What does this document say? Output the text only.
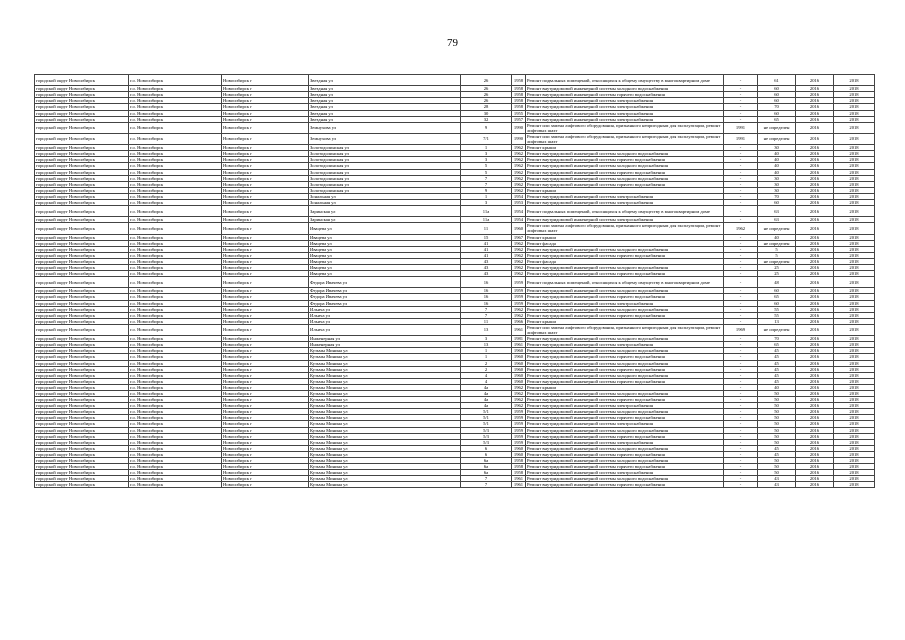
79
городской округ Новосибирск	г.о. Новосибирск	Новосибирск г	Звездная ул	26	1958	Ремонт подвальных помещений, относящихся к общему имуществу в многоквартирном доме	-	61	2016	2018
городской округ Новосибирск	г.о. Новосибирск	Новосибирск г	Звездная ул	26	1958	Ремонт внутридомовой инженерной системы холодного водоснабжения	-	60	2016	2018
городской округ Новосибирск	г.о. Новосибирск	Новосибирск г	Звездная ул	26	1958	Ремонт внутридомовой инженерной системы горячего водоснабжения	-	60	2016	2018
городской округ Новосибирск	г.о. Новосибирск	Новосибирск г	Звездная ул	26	1958	Ремонт внутридомовой инженерной системы электроснабжения	-	60	2016	2018
городской округ Новосибирск	г.о. Новосибирск	Новосибирск г	Звездная ул	28	1958	Ремонт внутридомовой инженерной системы электроснабжения	-	70	2016	2018
городской округ Новосибирск	г.о. Новосибирск	Новосибирск г	Звездная ул	30	1955	Ремонт внутридомовой инженерной системы электроснабжения	-	60	2016	2018
городской округ Новосибирск	г.о. Новосибирск	Новосибирск г	Звездная ул	32	1957	Ремонт внутридомовой инженерной системы электроснабжения	-	65	2016	2018
городской округ Новосибирск	г.о. Новосибирск	Новосибирск г	Земнухова ул	9	1990	Ремонт или замена лифтового оборудования, признанного непригодным для эксплуатации, ремонт лифтовых шахт	1991	не определен	2016	2018
городской округ Новосибирск	г.о. Новосибирск	Новосибирск г	Земнухова ул	7/1	1990	Ремонт или замена лифтового оборудования, признанного непригодным для эксплуатации, ремонт лифтовых шахт	1991	не определен	2016	2018
городской округ Новосибирск	г.о. Новосибирск	Новосибирск г	Золотодолинская ул	1	1962	Ремонт крыши	-	30	2016	2018
городской округ Новосибирск	г.о. Новосибирск	Новосибирск г	Золотодолинская ул	3	1962	Ремонт внутридомовой инженерной системы холодного водоснабжения	-	40	2016	2018
городской округ Новосибирск	г.о. Новосибирск	Новосибирск г	Золотодолинская ул	3	1962	Ремонт внутридомовой инженерной системы горячего водоснабжения	-	40	2016	2018
городской округ Новосибирск	г.о. Новосибирск	Новосибирск г	Золотодолинская ул	5	1962	Ремонт внутридомовой инженерной системы холодного водоснабжения	-	40	2016	2018
городской округ Новосибирск	г.о. Новосибирск	Новосибирск г	Золотодолинская ул	5	1962	Ремонт внутридомовой инженерной системы горячего водоснабжения	-	40	2016	2018
городской округ Новосибирск	г.о. Новосибирск	Новосибирск г	Золотодолинская ул	7	1962	Ремонт внутридомовой инженерной системы холодного водоснабжения	-	30	2016	2018
городской округ Новосибирск	г.о. Новосибирск	Новосибирск г	Золотодолинская ул	7	1962	Ремонт внутридомовой инженерной системы горячего водоснабжения	-	30	2016	2018
городской округ Новосибирск	г.о. Новосибирск	Новосибирск г	Золотодолинская ул	9	1962	Ремонт крыши	-	30	2016	2018
городской округ Новосибирск	г.о. Новосибирск	Новосибирск г	Зональная ул	1	1954	Ремонт внутридомовой инженерной системы электроснабжения	-	70	2016	2018
городской округ Новосибирск	г.о. Новосибирск	Новосибирск г	Зональная ул	3	1953	Ремонт внутридомовой инженерной системы электроснабжения	-	60	2016	2018
городской округ Новосибирск	г.о. Новосибирск	Новосибирск г	Заринская ул	11а	1954	Ремонт подвальных помещений, относящихся к общему имуществу в многоквартирном доме	-	63	2016	2018
городской округ Новосибирск	г.о. Новосибирск	Новосибирск г	Заринская ул	11а	1954	Ремонт внутридомовой инженерной системы электроснабжения	-	63	2016	2018
городской округ Новосибирск	г.о. Новосибирск	Новосибирск г	Ивацева ул	11	1960	Ремонт или замена лифтового оборудования, признанного непригодным для эксплуатации, ремонт лифтовых шахт	1962	не определен	2016	2018
городской округ Новосибирск	г.о. Новосибирск	Новосибирск г	Ивацева ул	15	1967	Ремонт крыши	-	40	2016	2018
городской округ Новосибирск	г.о. Новосибирск	Новосибирск г	Ивацева ул	41	1962	Ремонт фасада	-	не определен	2016	2018
городской округ Новосибирск	г.о. Новосибирск	Новосибирск г	Ивацева ул	41	1962	Ремонт внутридомовой инженерной системы холодного водоснабжения	-	5	2016	2018
городской округ Новосибирск	г.о. Новосибирск	Новосибирск г	Ивацева ул	41	1962	Ремонт внутридомовой инженерной системы горячего водоснабжения	-	5	2016	2018
городской округ Новосибирск	г.о. Новосибирск	Новосибирск г	Ивацева ул	43	1962	Ремонт фасада	-	не определен	2016	2018
городской округ Новосибирск	г.о. Новосибирск	Новосибирск г	Ивацева ул	43	1962	Ремонт внутридомовой инженерной системы холодного водоснабжения	-	25	2016	2018
городской округ Новосибирск	г.о. Новосибирск	Новосибирск г	Ивацева ул	43	1962	Ремонт внутридомовой инженерной системы горячего водоснабжения	-	25	2016	2018
городской округ Новосибирск	г.о. Новосибирск	Новосибирск г	Федора Ивачева ул	16	1959	Ремонт подвальных помещений, относящихся к общему имуществу в многоквартирном доме	-	48	2016	2018
городской округ Новосибирск	г.о. Новосибирск	Новосибирск г	Федора Ивачева ул	16	1959	Ремонт внутридомовой инженерной системы холодного водоснабжения	-	60	2016	2018
городской округ Новосибирск	г.о. Новосибирск	Новосибирск г	Федора Ивачева ул	16	1959	Ремонт внутридомовой инженерной системы горячего водоснабжения	-	65	2016	2018
городской округ Новосибирск	г.о. Новосибирск	Новосибирск г	Федора Ивачева ул	16	1959	Ремонт внутридомовой инженерной системы электроснабжения	-	60	2016	2018
городской округ Новосибирск	г.о. Новосибирск	Новосибирск г	Ильича ул	7	1962	Ремонт внутридомовой инженерной системы холодного водоснабжения	-	55	2016	2018
городской округ Новосибирск	г.о. Новосибирск	Новосибирск г	Ильича ул	7	1962	Ремонт внутридомовой инженерной системы горячего водоснабжения	-	55	2016	2018
городской округ Новосибирск	г.о. Новосибирск	Новосибирск г	Ильича ул	11	1966	Ремонт крыши	-	13	2016	2018
городской округ Новосибирск	г.о. Новосибирск	Новосибирск г	Ильича ул	13	1961	Ремонт или замена лифтового оборудования, признанного непригодным для эксплуатации, ремонт лифтовых шахт	1969	не определен	2016	2018
городской округ Новосибирск	г.о. Новосибирск	Новосибирск г	Инженерная ул	3	1981	Ремонт внутридомовой инженерной системы холодного водоснабжения	-	70	2016	2018
городской округ Новосибирск	г.о. Новосибирск	Новосибирск г	Инженерная ул	13	1961	Ремонт внутридомовой инженерной системы электроснабжения	-	65	2016	2018
городской округ Новосибирск	г.о. Новосибирск	Новосибирск г	Кузьмы Минина ул	1	1960	Ремонт внутридомовой инженерной системы холодного водоснабжения	-	45	2016	2018
городской округ Новосибирск	г.о. Новосибирск	Новосибирск г	Кузьмы Минина ул	1	1960	Ремонт внутридомовой инженерной системы горячего водоснабжения	-	45	2016	2018
городской округ Новосибирск	г.о. Новосибирск	Новосибирск г	Кузьмы Минина ул	2	1960	Ремонт внутридомовой инженерной системы холодного водоснабжения	-	45	2016	2018
городской округ Новосибирск	г.о. Новосибирск	Новосибирск г	Кузьмы Минина ул	2	1960	Ремонт внутридомовой инженерной системы горячего водоснабжения	-	45	2016	2018
городской округ Новосибирск	г.о. Новосибирск	Новосибирск г	Кузьмы Минина ул	4	1960	Ремонт внутридомовой инженерной системы холодного водоснабжения	-	45	2016	2018
городской округ Новосибирск	г.о. Новосибирск	Новосибирск г	Кузьмы Минина ул	4	1960	Ремонт внутридомовой инженерной системы горячего водоснабжения	-	45	2016	2018
городской округ Новосибирск	г.о. Новосибирск	Новосибирск г	Кузьмы Минина ул	4а	1962	Ремонт крыши	-	40	2016	2018
городской округ Новосибирск	г.о. Новосибирск	Новосибирск г	Кузьмы Минина ул	4а	1962	Ремонт внутридомовой инженерной системы холодного водоснабжения	-	50	2016	2018
городской округ Новосибирск	г.о. Новосибирск	Новосибирск г	Кузьмы Минина ул	4а	1962	Ремонт внутридомовой инженерной системы горячего водоснабжения	-	50	2016	2018
городской округ Новосибирск	г.о. Новосибирск	Новосибирск г	Кузьмы Минина ул	4а	1962	Ремонт внутридомовой инженерной системы электроснабжения	-	50	2016	2018
городской округ Новосибирск	г.о. Новосибирск	Новосибирск г	Кузьмы Минина ул	5/1	1959	Ремонт внутридомовой инженерной системы холодного водоснабжения	-	50	2016	2018
городской округ Новосибирск	г.о. Новосибирск	Новосибирск г	Кузьмы Минина ул	5/1	1959	Ремонт внутридомовой инженерной системы горячего водоснабжения	-	50	2016	2018
городской округ Новосибирск	г.о. Новосибирск	Новосибирск г	Кузьмы Минина ул	5/1	1959	Ремонт внутридомовой инженерной системы электроснабжения	-	50	2016	2018
городской округ Новосибирск	г.о. Новосибирск	Новосибирск г	Кузьмы Минина ул	5/3	1959	Ремонт внутридомовой инженерной системы холодного водоснабжения	-	50	2016	2018
городской округ Новосибирск	г.о. Новосибирск	Новосибирск г	Кузьмы Минина ул	5/3	1959	Ремонт внутридомовой инженерной системы горячего водоснабжения	-	50	2016	2018
городской округ Новосибирск	г.о. Новосибирск	Новосибирск г	Кузьмы Минина ул	5/3	1959	Ремонт внутридомовой инженерной системы электроснабжения	-	50	2016	2018
городской округ Новосибирск	г.о. Новосибирск	Новосибирск г	Кузьмы Минина ул	6	1960	Ремонт внутридомовой инженерной системы холодного водоснабжения	-	45	2016	2018
городской округ Новосибирск	г.о. Новосибирск	Новосибирск г	Кузьмы Минина ул	6	1960	Ремонт внутридомовой инженерной системы горячего водоснабжения	-	45	2016	2018
городской округ Новосибирск	г.о. Новосибирск	Новосибирск г	Кузьмы Минина ул	6а	1958	Ремонт внутридомовой инженерной системы холодного водоснабжения	-	50	2016	2018
городской округ Новосибирск	г.о. Новосибирск	Новосибирск г	Кузьмы Минина ул	6а	1958	Ремонт внутридомовой инженерной системы горячего водоснабжения	-	50	2016	2018
городской округ Новосибирск	г.о. Новосибирск	Новосибирск г	Кузьмы Минина ул	6а	1958	Ремонт внутридомовой инженерной системы электроснабжения	-	50	2016	2018
городской округ Новосибирск	г.о. Новосибирск	Новосибирск г	Кузьмы Минина ул	7	1961	Ремонт внутридомовой инженерной системы холодного водоснабжения	-	43	2016	2018
городской округ Новосибирск	г.о. Новосибирск	Новосибирск г	Кузьмы Минина ул	7	1961	Ремонт внутридомовой инженерной системы горячего водоснабжения	-	43	2016	2018
